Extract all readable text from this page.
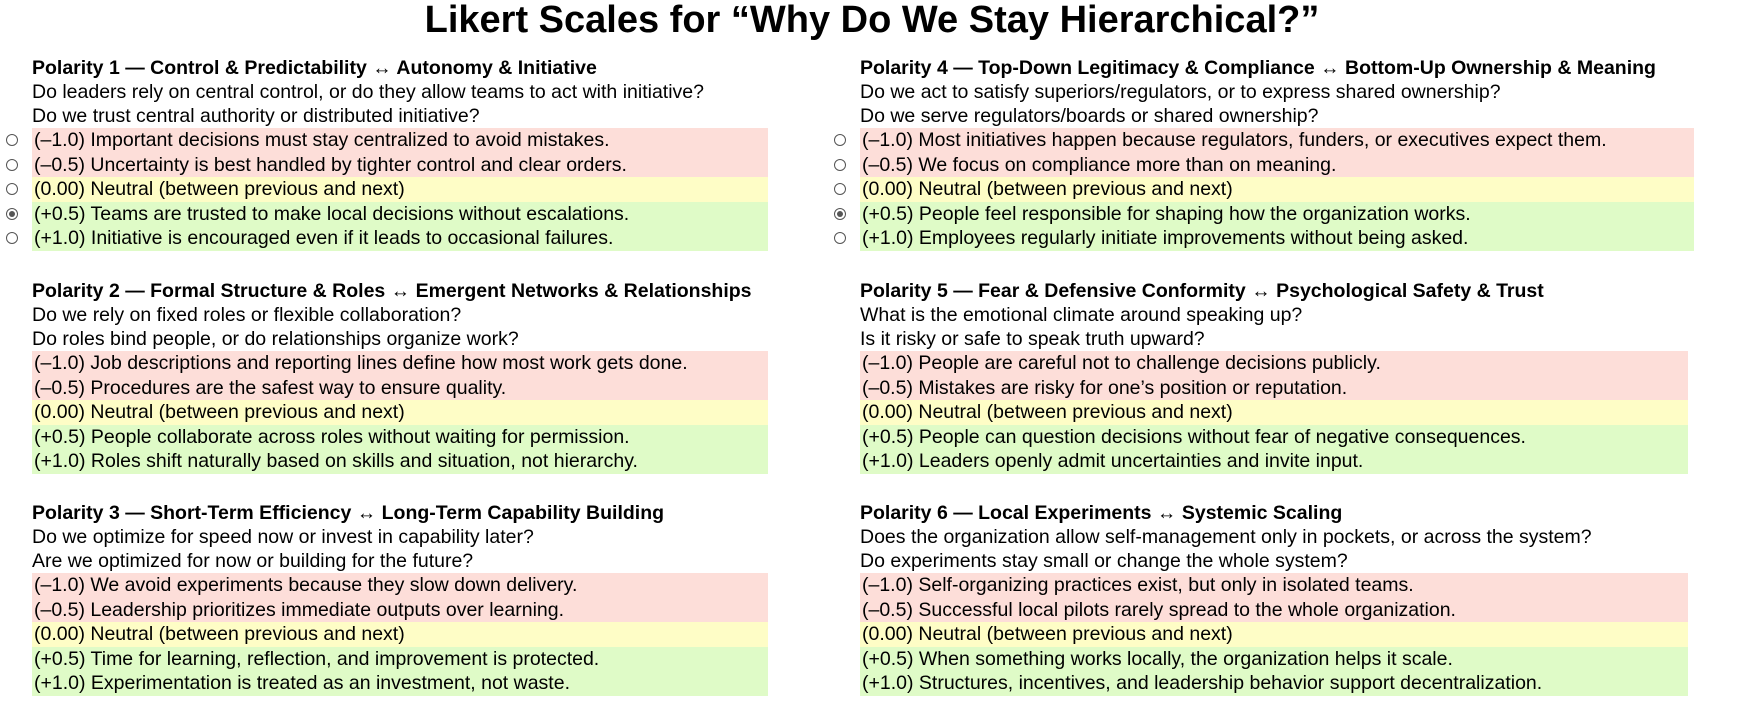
Likert Scales for “Why Do We Stay Hierarchical?”
Polarity 1 — Control & Predictability ↔ Autonomy & Initiative
Do leaders rely on central control, or do they allow teams to act with initiative?
Do we trust central authority or distributed initiative?
(–1.0) Important decisions must stay centralized to avoid mistakes.
(–0.5) Uncertainty is best handled by tighter control and clear orders.
(0.00) Neutral (between previous and next)
(+0.5) Teams are trusted to make local decisions without escalations.
(+1.0) Initiative is encouraged even if it leads to occasional failures.
Polarity 2 — Formal Structure & Roles ↔ Emergent Networks & Relationships
Do we rely on fixed roles or flexible collaboration?
Do roles bind people, or do relationships organize work?
(–1.0) Job descriptions and reporting lines define how most work gets done.
(–0.5) Procedures are the safest way to ensure quality.
(0.00) Neutral (between previous and next)
(+0.5) People collaborate across roles without waiting for permission.
(+1.0) Roles shift naturally based on skills and situation, not hierarchy.
Polarity 3 — Short-Term Efficiency ↔ Long-Term Capability Building
Do we optimize for speed now or invest in capability later?
Are we optimized for now or building for the future?
(–1.0) We avoid experiments because they slow down delivery.
(–0.5) Leadership prioritizes immediate outputs over learning.
(0.00) Neutral (between previous and next)
(+0.5) Time for learning, reflection, and improvement is protected.
(+1.0) Experimentation is treated as an investment, not waste.
Polarity 4 — Top-Down Legitimacy & Compliance ↔ Bottom-Up Ownership & Meaning
Do we act to satisfy superiors/regulators, or to express shared ownership?
Do we serve regulators/boards or shared ownership?
(–1.0) Most initiatives happen because regulators, funders, or executives expect them.
(–0.5) We focus on compliance more than on meaning.
(0.00) Neutral (between previous and next)
(+0.5) People feel responsible for shaping how the organization works.
(+1.0) Employees regularly initiate improvements without being asked.
Polarity 5 — Fear & Defensive Conformity ↔ Psychological Safety & Trust
What is the emotional climate around speaking up?
Is it risky or safe to speak truth upward?
(–1.0) People are careful not to challenge decisions publicly.
(–0.5) Mistakes are risky for one’s position or reputation.
(0.00) Neutral (between previous and next)
(+0.5) People can question decisions without fear of negative consequences.
(+1.0) Leaders openly admit uncertainties and invite input.
Polarity 6 — Local Experiments ↔ Systemic Scaling
Does the organization allow self-management only in pockets, or across the system?
Do experiments stay small or change the whole system?
(–1.0) Self-organizing practices exist, but only in isolated teams.
(–0.5) Successful local pilots rarely spread to the whole organization.
(0.00) Neutral (between previous and next)
(+0.5) When something works locally, the organization helps it scale.
(+1.0) Structures, incentives, and leadership behavior support decentralization.
